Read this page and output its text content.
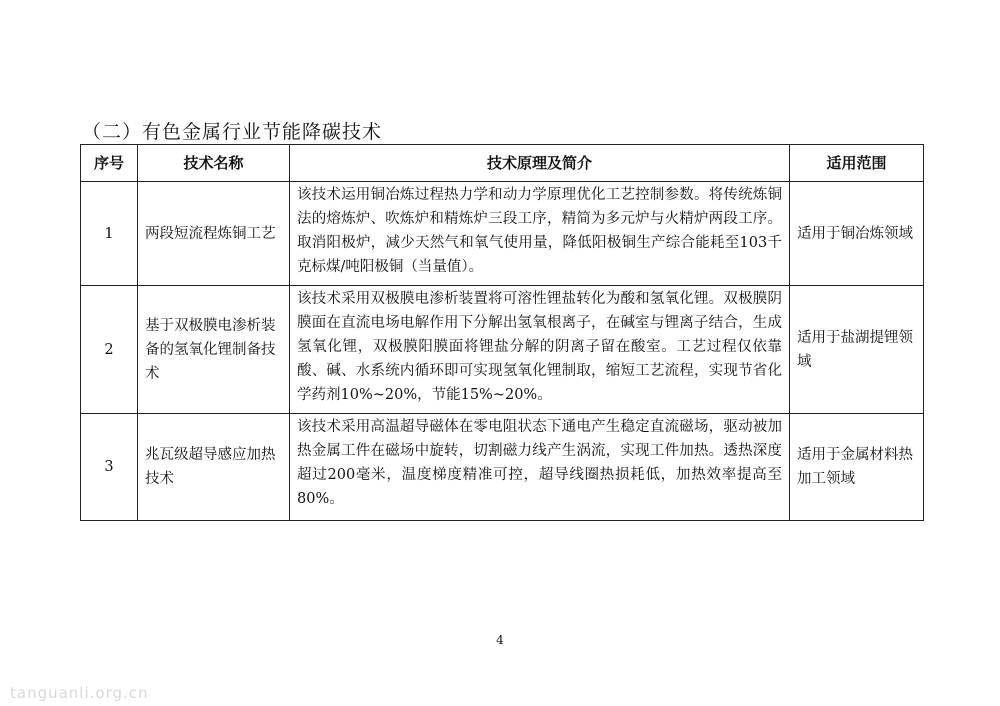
（二）有色金属行业节能降碳技术
序号	技术名称	技术原理及简介	适用范围
1	两段短流程炼铜工艺	该技术运用铜冶炼过程热力学和动力学原理优化工艺控制参数。将传统炼铜法的熔炼炉、吹炼炉和精炼炉三段工序，精简为多元炉与火精炉两段工序。取消阳极炉，减少天然气和氧气使用量，降低阳极铜生产综合能耗至103千克标煤/吨阳极铜（当量值）。	适用于铜冶炼领域
2	基于双极膜电渗析装备的氢氧化锂制备技术	该技术采用双极膜电渗析装置将可溶性锂盐转化为酸和氢氧化锂。双极膜阴膜面在直流电场电解作用下分解出氢氧根离子，在碱室与锂离子结合，生成氢氧化锂，双极膜阳膜面将锂盐分解的阴离子留在酸室。工艺过程仅依靠酸、碱、水系统内循环即可实现氢氧化锂制取，缩短工艺流程，实现节省化学药剂10%~20%，节能15%~20%。	适用于盐湖提锂领域
3	兆瓦级超导感应加热技术	该技术采用高温超导磁体在零电阻状态下通电产生稳定直流磁场，驱动被加热金属工件在磁场中旋转，切割磁力线产生涡流，实现工件加热。透热深度超过200毫米，温度梯度精准可控，超导线圈热损耗低，加热效率提高至80%。	适用于金属材料热加工领域
4
tanguanli.org.cn
